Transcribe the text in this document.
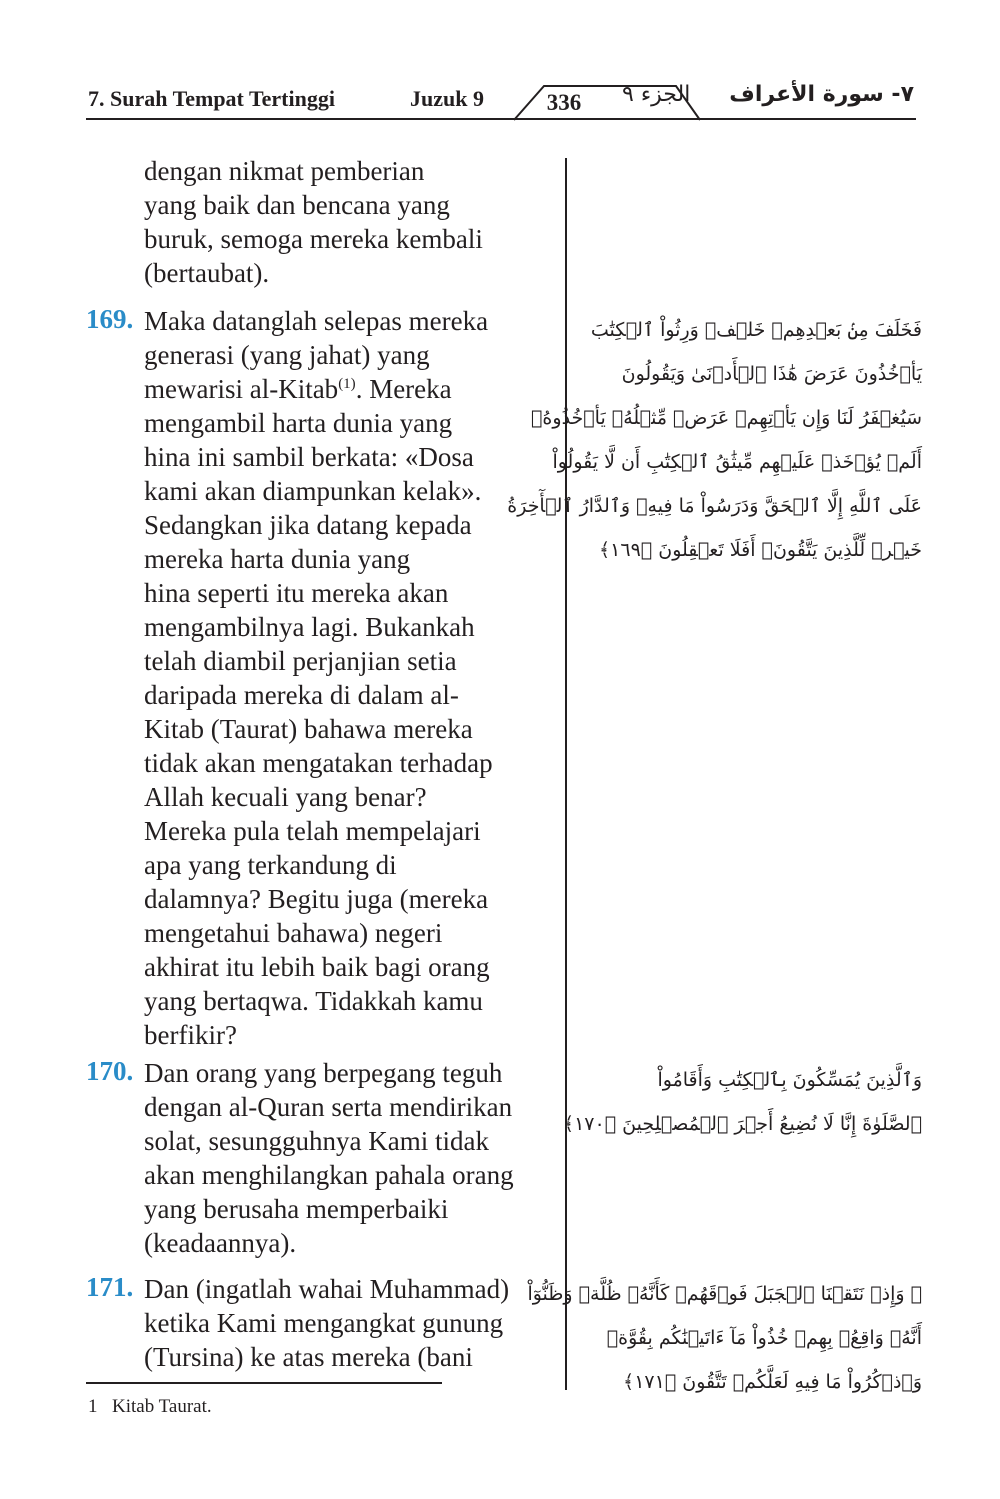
7. Surah Tempat Tertinggi	Juzuk 9	336	الجزء ٩ ٧- سورة الأعراف
dengan nikmat pemberian
yang baik dan bencana yang
buruk, semoga mereka kembali
(bertaubat).
169. Maka datanglah selepas mereka
generasi (yang jahat) yang
mewarisi al-Kitab$^{(1)}$. Mereka
mengambil harta dunia yang
hina ini sambil berkata: «Dosa
kami akan diampunkan kelak».
Sedangkan jika datang kepada
mereka harta dunia yang
hina seperti itu mereka akan
mengambilnya lagi. Bukankah
telah diambil perjanjian setia
daripada mereka di dalam al-
Kitab (Taurat) bahawa mereka
tidak akan mengatakan terhadap
Allah kecuali yang benar?
Mereka pula telah mempelajari
apa yang terkandung di
dalamnya? Begitu juga (mereka
mengetahui bahawa) negeri
akhirat itu lebih baik bagi orang
yang bertaqwa. Tidakkah kamu
berfikir?
170. Dan orang yang berpegang teguh
dengan al-Quran serta mendirikan
solat, sesungguhnya Kami tidak
akan menghilangkan pahala orang
yang berusaha memperbaiki
(keadaannya).
171. Dan (ingatlah wahai Muhammad)
ketika Kami mengangkat gunung
(Tursina) ke atas mereka (bani
فَخَلَفَ مِنۢ بَعۡدِهِمۡ خَلۡفٞ وَرِثُواْ ٱلۡكِتَٰبَ
يَأۡخُذُونَ عَرَضَ هَٰذَا ٱلۡأَدۡنَىٰ وَيَقُولُونَ
سَيُغۡفَرُ لَنَا وَإِن يَأۡتِهِمۡ عَرَضٞ مِّثۡلُهُۥ يَأۡخُذُوهُۚ
أَلَمۡ يُؤۡخَذۡ عَلَيۡهِم مِّيثَٰقُ ٱلۡكِتَٰبِ أَن لَّا يَقُولُواْ
عَلَى ٱللَّهِ إِلَّا ٱلۡحَقَّ وَدَرَسُواْ مَا فِيهِۗ وَٱلدَّارُ ٱلۡأٓخِرَةُ
خَيۡرٞ لِّلَّذِينَ يَتَّقُونَۚ أَفَلَا تَعۡقِلُونَ ﴿١٦٩﴾
وَٱلَّذِينَ يُمَسِّكُونَ بِٱلۡكِتَٰبِ وَأَقَامُواْ
ٱلصَّلَوٰةَ إِنَّا لَا نُضِيعُ أَجۡرَ ٱلۡمُصۡلِحِينَ ﴿١٧٠﴾
۞ وَإِذۡ نَتَقۡنَا ٱلۡجَبَلَ فَوۡقَهُمۡ كَأَنَّهُۥ ظُلَّةٞ وَظَنُّوٓاْ
أَنَّهُۥ وَاقِعُۢ بِهِمۡ خُذُواْ مَآ ءَاتَيۡنَٰكُم بِقُوَّةٖ
وَٱذۡكُرُواْ مَا فِيهِ لَعَلَّكُمۡ تَتَّقُونَ ﴿١٧١﴾
1 Kitab Taurat.
